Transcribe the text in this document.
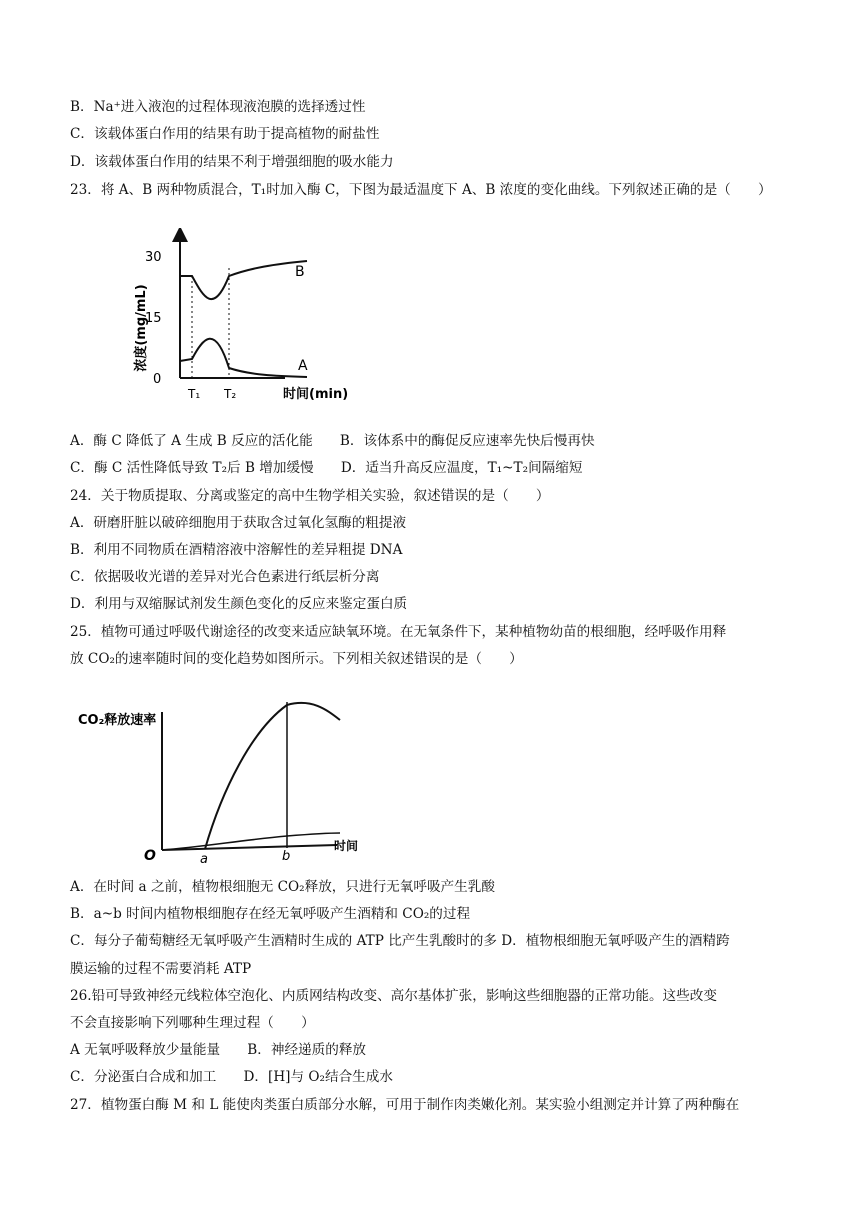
B．Na⁺进入液泡的过程体现液泡膜的选择透过性
C．该载体蛋白作用的结果有助于提高植物的耐盐性
D．该载体蛋白作用的结果不利于增强细胞的吸水能力
23．将 A、B 两种物质混合，T₁时加入酶 C，下图为最适温度下 A、B 浓度的变化曲线。下列叙述正确的是（　　）
浓度(mg/mL)
0
15
30
B
A
T₁ T₂	时间(min)
A．酶 C 降低了 A 生成 B 反应的活化能　　B．该体系中的酶促反应速率先快后慢再快
C．酶 C 活性降低导致 T₂后 B 增加缓慢　　D．适当升高反应温度，T₁~T₂间隔缩短
24．关于物质提取、分离或鉴定的高中生物学相关实验，叙述错误的是（　　）
A．研磨肝脏以破碎细胞用于获取含过氧化氢酶的粗提液
B．利用不同物质在酒精溶液中溶解性的差异粗提 DNA
C．依据吸收光谱的差异对光合色素进行纸层析分离
D．利用与双缩脲试剂发生颜色变化的反应来鉴定蛋白质
25．植物可通过呼吸代谢途径的改变来适应缺氧环境。在无氧条件下，某种植物幼苗的根细胞，经呼吸作用释
放 CO₂的速率随时间的变化趋势如图所示。下列相关叙述错误的是（　　）
CO₂释放速率
O	a	b
时间
A．在时间 a 之前，植物根细胞无 CO₂释放，只进行无氧呼吸产生乳酸
B．a~b 时间内植物根细胞存在经无氧呼吸产生酒精和 CO₂的过程
C．每分子葡萄糖经无氧呼吸产生酒精时生成的 ATP 比产生乳酸时的多 D．植物根细胞无氧呼吸产生的酒精跨
膜运输的过程不需要消耗 ATP
26.铅可导致神经元线粒体空泡化、内质网结构改变、高尔基体扩张，影响这些细胞器的正常功能。这些改变
不会直接影响下列哪种生理过程（　　）
A 无氧呼吸释放少量能量　　B．神经递质的释放
C．分泌蛋白合成和加工　　D．[H]与 O₂结合生成水
27．植物蛋白酶 M 和 L 能使肉类蛋白质部分水解，可用于制作肉类嫩化剂。某实验小组测定并计算了两种酶在
